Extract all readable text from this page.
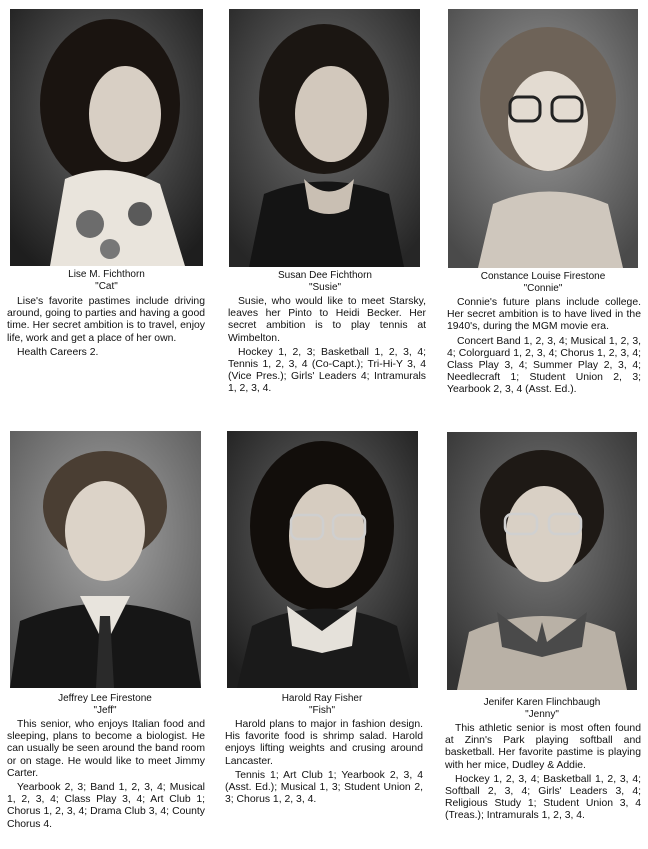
Lise M. Fichthorn
"Cat"

Lise's favorite pastimes include driving around, going to parties and having a good time. Her secret ambition is to travel, enjoy life, work and get a place of her own.

Health Careers 2.

Susan Dee Fichthorn
"Susie"

Susie, who would like to meet Starsky, leaves her Pinto to Heidi Becker. Her secret ambition is to play tennis at Wimbelton.

Hockey 1, 2, 3; Basketball 1, 2, 3, 4; Tennis 1, 2, 3, 4 (Co-Capt.); Tri-Hi-Y 3, 4 (Vice Pres.); Girls' Leaders 4; Intramurals 1, 2, 3, 4.

Constance Louise Firestone
"Connie"

Connie's future plans include college. Her secret ambition is to have lived in the 1940's, during the MGM movie era.

Concert Band 1, 2, 3, 4; Musical 1, 2, 3, 4; Colorguard 1, 2, 3, 4; Chorus 1, 2, 3, 4; Class Play 3, 4; Summer Play 2, 3, 4; Needlecraft 1; Student Union 2, 3; Yearbook 2, 3, 4 (Asst. Ed.).

Jeffrey Lee Firestone
"Jeff"

This senior, who enjoys Italian food and sleeping, plans to become a biologist. He can usually be seen around the band room or on stage. He would like to meet Jimmy Carter.

Yearbook 2, 3; Band 1, 2, 3, 4; Musical 1, 2, 3, 4; Class Play 3, 4; Art Club 1; Chorus 1, 2, 3, 4; Drama Club 3, 4; County Chorus 4.

Harold Ray Fisher
"Fish"

Harold plans to major in fashion design. His favorite food is shrimp salad. Harold enjoys lifting weights and crusing around Lancaster.

Tennis 1; Art Club 1; Yearbook 2, 3, 4 (Asst. Ed.); Musical 1, 3; Student Union 2, 3; Chorus 1, 2, 3, 4.

Jenifer Karen Flinchbaugh
"Jenny"

This athletic senior is most often found at Zinn's Park playing softball and basketball. Her favorite pastime is playing with her mice, Dudley & Addie.

Hockey 1, 2, 3, 4; Basketball 1, 2, 3, 4; Softball 2, 3, 4; Girls' Leaders 3, 4; Religious Study 1; Student Union 3, 4 (Treas.); Intramurals 1, 2, 3, 4.
